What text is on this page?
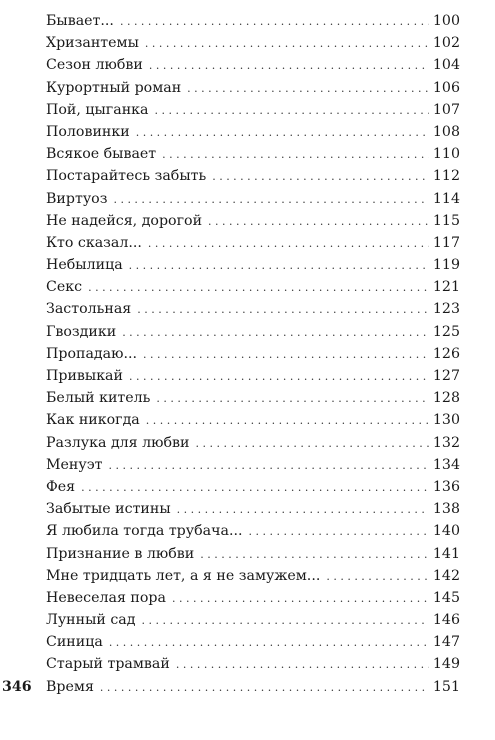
Бывает... . . .	100
Хризантемы . . .	102
Сезон любви . . .	104
Курортный роман . . .	106
Пой, цыганка . . .	107
Половинки . . .	108
Всякое бывает . . .	110
Постарайтесь забыть . . .	112
Виртуоз . . .	114
Не надейся, дорогой . . .	115
Кто сказал... . . .	117
Небылица . . .	119
Секс . . .	121
Застольная . . .	123
Гвоздики . . .	125
Пропадаю... . . .	126
Привыкай . . .	127
Белый китель . . .	128
Как никогда . . .	130
Разлука для любви . . .	132
Менуэт . . .	134
Фея . . .	136
Забытые истины . . .	138
Я любила тогда трубача... . . .	140
Признание в любви . . .	141
Мне тридцать лет, а я не замужем... . . .	142
Невеселая пора . . .	145
Лунный сад . . .	146
Синица . . .	147
Старый трамвай . . .	149
Время . . .	151
346
